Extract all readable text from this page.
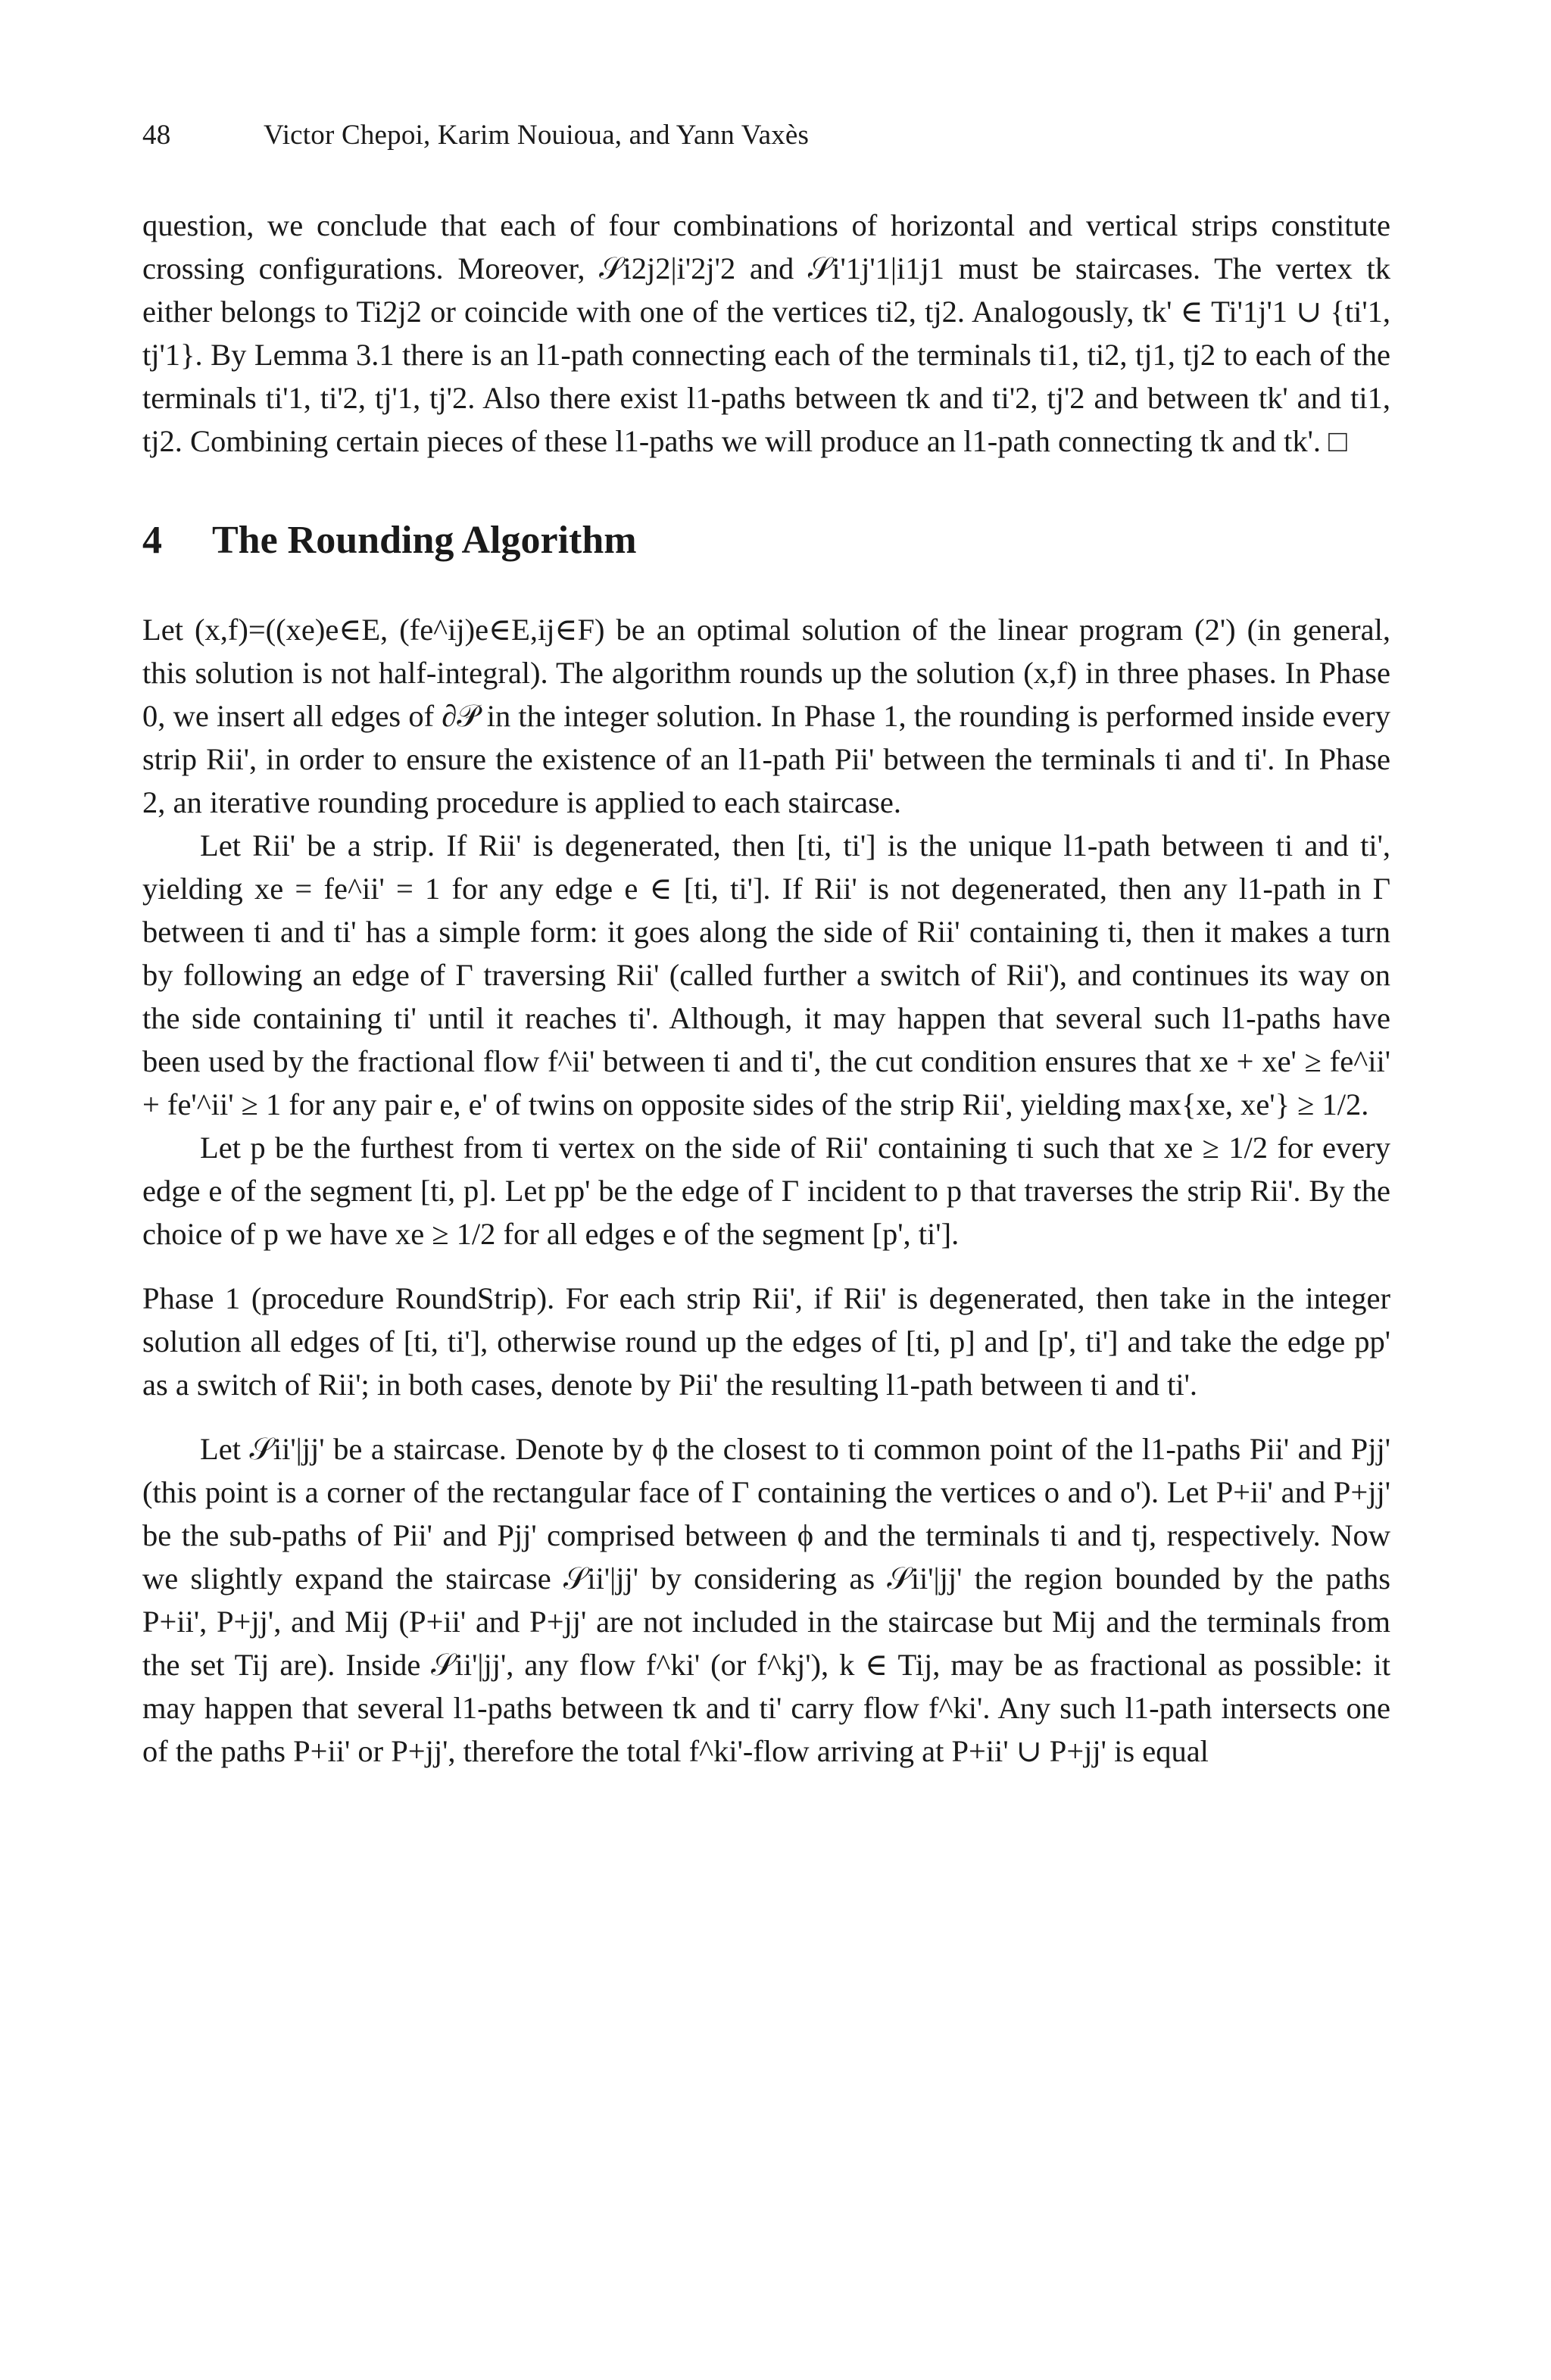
48	Victor Chepoi, Karim Nouioua, and Yann Vaxès

question, we conclude that each of four combinations of horizontal and vertical strips constitute crossing configurations. Moreover, 𝒮i2j2|i'2j'2 and 𝒮i'1j'1|i1j1 must be staircases. The vertex tk either belongs to Ti2j2 or coincide with one of the vertices ti2, tj2. Analogously, tk' ∈ Ti'1j'1 ∪ {ti'1, tj'1}. By Lemma 3.1 there is an l1-path connecting each of the terminals ti1, ti2, tj1, tj2 to each of the terminals ti'1, ti'2, tj'1, tj'2. Also there exist l1-paths between tk and ti'2, tj'2 and between tk' and ti1, tj2. Combining certain pieces of these l1-paths we will produce an l1-path connecting tk and tk'. □

4 The Rounding Algorithm

Let (x,f)=((xe)e∈E, (fe^ij)e∈E,ij∈F) be an optimal solution of the linear program (2') (in general, this solution is not half-integral). The algorithm rounds up the solution (x,f) in three phases. In Phase 0, we insert all edges of ∂𝒫 in the integer solution. In Phase 1, the rounding is performed inside every strip Rii', in order to ensure the existence of an l1-path Pii' between the terminals ti and ti'. In Phase 2, an iterative rounding procedure is applied to each staircase.

Let Rii' be a strip. If Rii' is degenerated, then [ti, ti'] is the unique l1-path between ti and ti', yielding xe = fe^ii' = 1 for any edge e ∈ [ti, ti']. If Rii' is not degenerated, then any l1-path in Γ between ti and ti' has a simple form: it goes along the side of Rii' containing ti, then it makes a turn by following an edge of Γ traversing Rii' (called further a switch of Rii'), and continues its way on the side containing ti' until it reaches ti'. Although, it may happen that several such l1-paths have been used by the fractional flow f^ii' between ti and ti', the cut condition ensures that xe + xe' ≥ fe^ii' + fe'^ii' ≥ 1 for any pair e, e' of twins on opposite sides of the strip Rii', yielding max{xe, xe'} ≥ 1/2.

Let p be the furthest from ti vertex on the side of Rii' containing ti such that xe ≥ 1/2 for every edge e of the segment [ti, p]. Let pp' be the edge of Γ incident to p that traverses the strip Rii'. By the choice of p we have xe ≥ 1/2 for all edges e of the segment [p', ti'].

Phase 1 (procedure RoundStrip). For each strip Rii', if Rii' is degenerated, then take in the integer solution all edges of [ti, ti'], otherwise round up the edges of [ti, p] and [p', ti'] and take the edge pp' as a switch of Rii'; in both cases, denote by Pii' the resulting l1-path between ti and ti'.

Let 𝒮ii'|jj' be a staircase. Denote by ϕ the closest to ti common point of the l1-paths Pii' and Pjj' (this point is a corner of the rectangular face of Γ containing the vertices o and o'). Let P+ii' and P+jj' be the sub-paths of Pii' and Pjj' comprised between ϕ and the terminals ti and tj, respectively. Now we slightly expand the staircase 𝒮ii'|jj' by considering as 𝒮ii'|jj' the region bounded by the paths P+ii', P+jj', and Mij (P+ii' and P+jj' are not included in the staircase but Mij and the terminals from the set Tij are). Inside 𝒮ii'|jj', any flow f^ki' (or f^kj'), k ∈ Tij, may be as fractional as possible: it may happen that several l1-paths between tk and ti' carry flow f^ki'. Any such l1-path intersects one of the paths P+ii' or P+jj', therefore the total f^ki'-flow arriving at P+ii' ∪ P+jj' is equal
